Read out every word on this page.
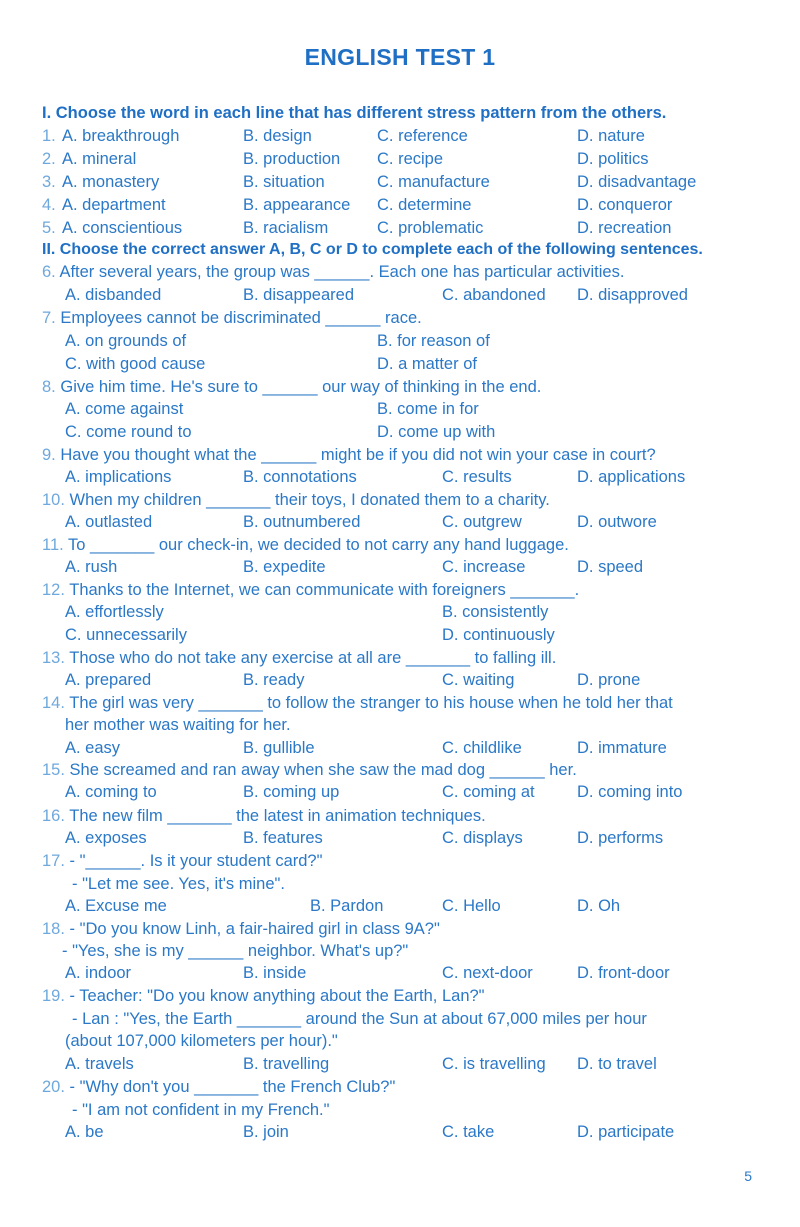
ENGLISH TEST 1
I. Choose the word in each line that has different stress pattern from the others.
1. A. breakthrough	B. design	C. reference	D. nature
2. A. mineral	B. production C. recipe	D. politics
3. A. monastery	B. situation	C. manufacture	D. disadvantage
4. A. department	B. appearance C. determine	D. conqueror
5. A. conscientious	B. racialism	C. problematic	D. recreation
II. Choose the correct answer A, B, C or D to complete each of the following sentences.
6. After several years, the group was ______. Each one has particular activities.
A. disbanded	B. disappeared	C. abandoned D. disapproved
7. Employees cannot be discriminated ______ race.
A. on grounds of	B. for reason of
C. with good cause	D. a matter of
8. Give him time. He's sure to ______ our way of thinking in the end.
A. come against	B. come in for
C. come round to	D. come up with
9. Have you thought what the ______ might be if you did not win your case in court?
A. implications	B. connotations	C. results	D. applications
10. When my children _______ their toys, I donated them to a charity.
A. outlasted	B. outnumbered	C. outgrew	D. outwore
11. To _______ our check-in, we decided to not carry any hand luggage.
A. rush	B. expedite	C. increase	D. speed
12. Thanks to the Internet, we can communicate with foreigners _______.
A. effortlessly	B. consistently
C. unnecessarily	D. continuously
13. Those who do not take any exercise at all are _______ to falling ill.
A. prepared	B. ready	C. waiting	D. prone
14. The girl was very _______ to follow the stranger to his house when he told her that
her mother was waiting for her.
A. easy	B. gullible	C. childlike	D. immature
15. She screamed and ran away when she saw the mad dog ______ her.
A. coming to	B. coming up	C. coming at	D. coming into
16. The new film _______ the latest in animation techniques.
A. exposes	B. features	C. displays	D. performs
17. - "______. Is it your student card?"
- "Let me see. Yes, it's mine".
A. Excuse me	B. Pardon	C. Hello	D. Oh
18. - "Do you know Linh, a fair-haired girl in class 9A?"
- "Yes, she is my ______ neighbor. What's up?"
A. indoor	B. inside	C. next-door	D. front-door
19. - Teacher: "Do you know anything about the Earth, Lan?"
- Lan : "Yes, the Earth _______ around the Sun at about 67,000 miles per hour
(about 107,000 kilometers per hour)."
A. travels	B. travelling	C. is travelling D. to travel
20. - "Why don't you _______ the French Club?"
- "I am not confident in my French."
A. be	B. join	C. take	D. participate
5
